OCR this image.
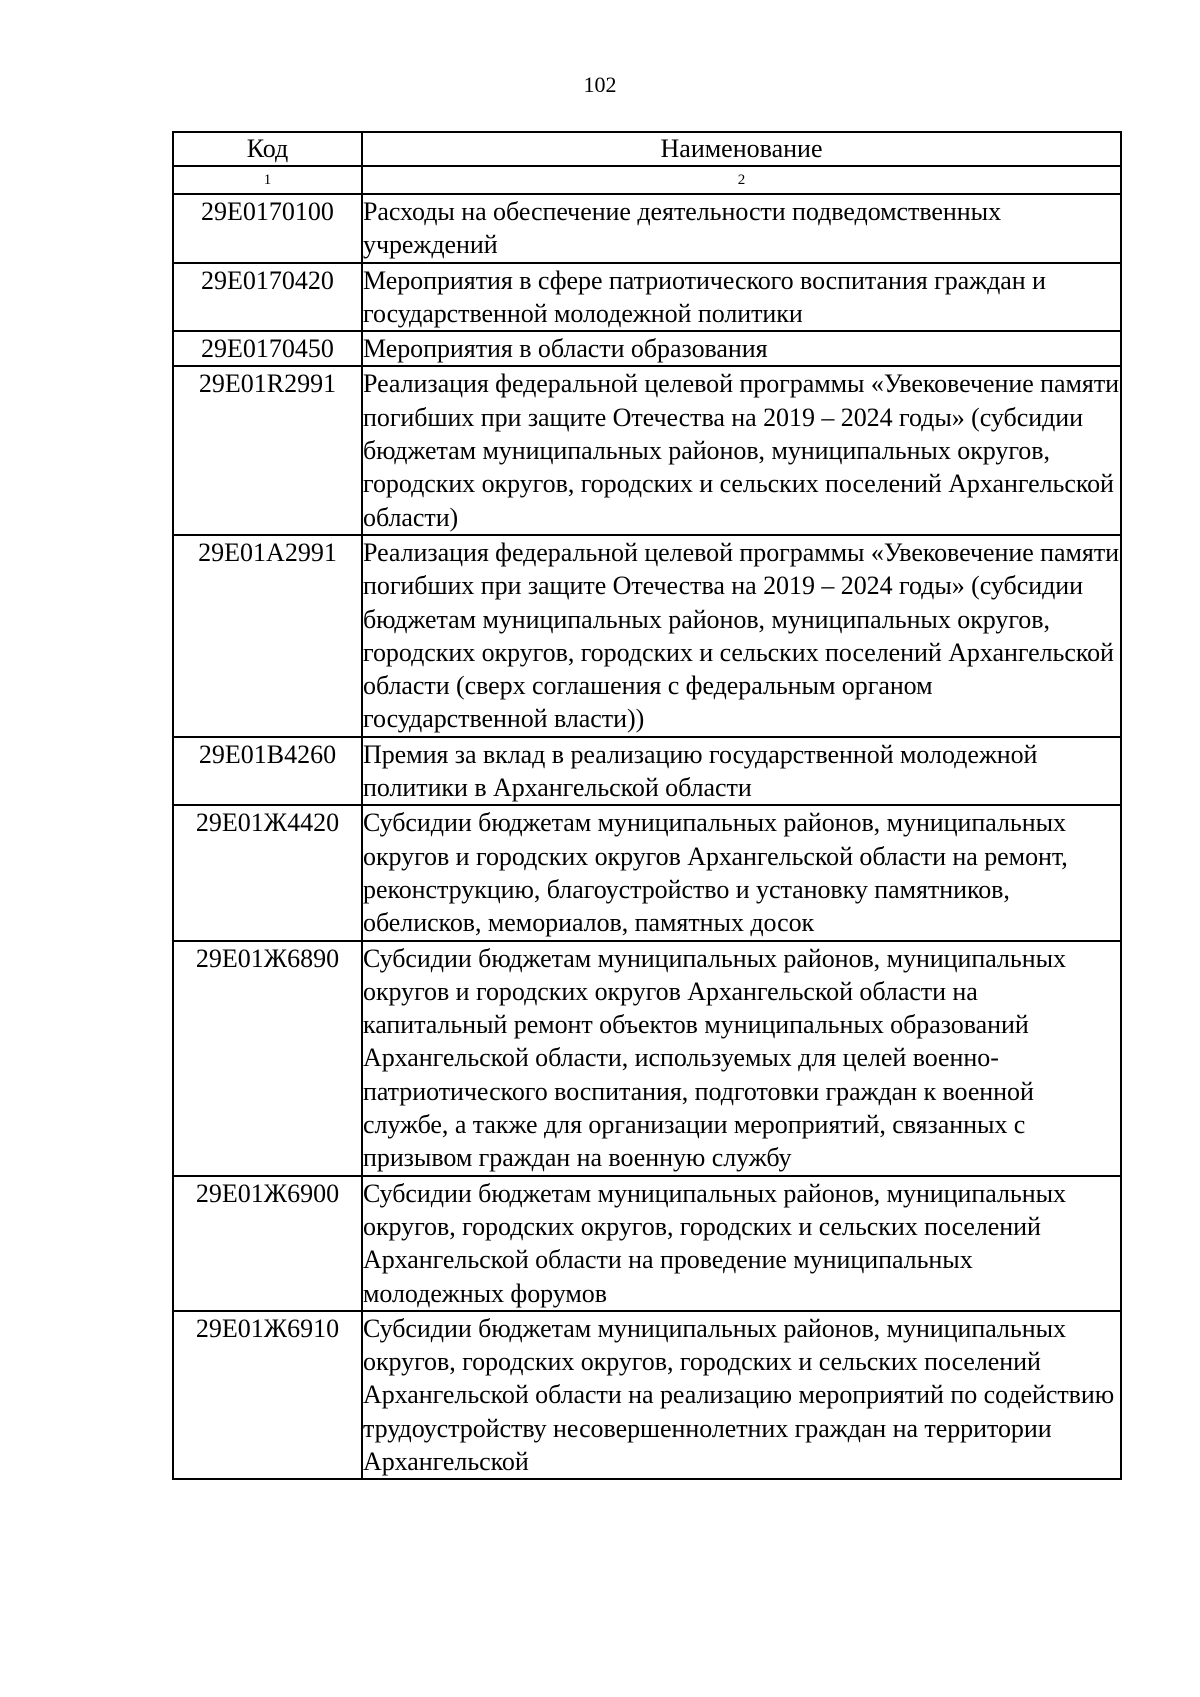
102
Код	Наименование
1	2
29Е0170100	Расходы на обеспечение деятельности подведомственных учреждений
29Е0170420	Мероприятия в сфере патриотического воспитания граждан и государственной молодежной политики
29Е0170450	Мероприятия в области образования
29Е01R2991	Реализация федеральной целевой программы «Увековечение памяти погибших при защите Отечества на 2019 – 2024 годы» (субсидии бюджетам муниципальных районов, муниципальных округов, городских округов, городских и сельских поселений Архангельской области)
29Е01А2991	Реализация федеральной целевой программы «Увековечение памяти погибших при защите Отечества на 2019 – 2024 годы» (субсидии бюджетам муниципальных районов, муниципальных округов, городских округов, городских и сельских поселений Архангельской области (сверх соглашения с федеральным органом государственной власти))
29Е01В4260	Премия за вклад в реализацию государственной молодежной политики в Архангельской области
29Е01Ж4420	Субсидии бюджетам муниципальных районов, муниципальных округов и городских округов Архангельской области на ремонт, реконструкцию, благоустройство и установку памятников, обелисков, мемориалов, памятных досок
29Е01Ж6890	Субсидии бюджетам муниципальных районов, муниципальных округов и городских округов Архангельской области на капитальный ремонт объектов муниципальных образований Архангельской области, используемых для целей военно-патриотического воспитания, подготовки граждан к военной службе, а также для организации мероприятий, связанных с призывом граждан на военную службу
29Е01Ж6900	Субсидии бюджетам муниципальных районов, муниципальных округов, городских округов, городских и сельских поселений Архангельской области на проведение муниципальных молодежных форумов
29Е01Ж6910	Субсидии бюджетам муниципальных районов, муниципальных округов, городских округов, городских и сельских поселений Архангельской области на реализацию мероприятий по содействию трудоустройству несовершеннолетних граждан на территории Архангельской
